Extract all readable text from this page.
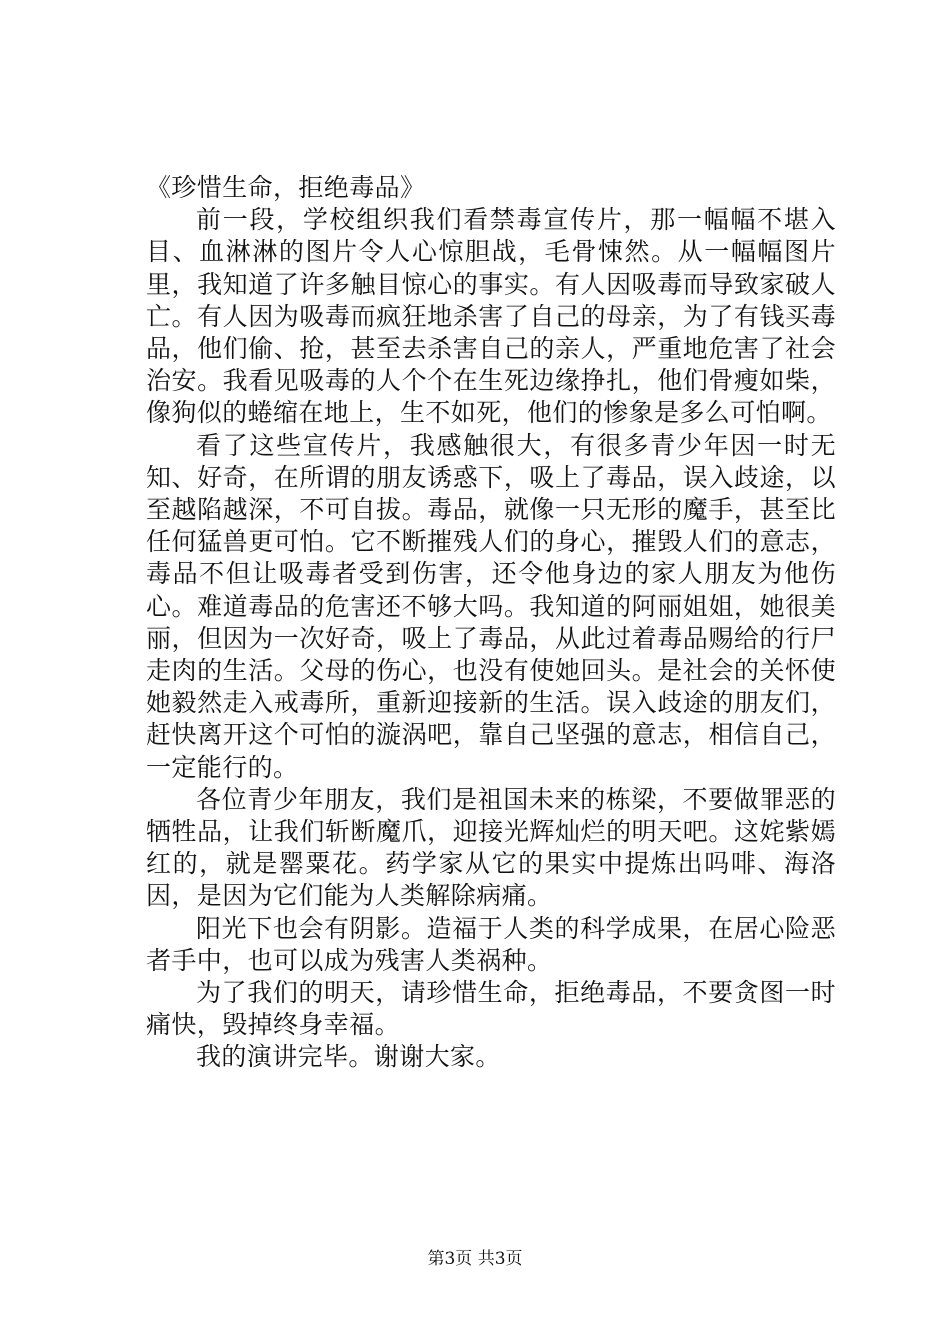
《珍惜生命，拒绝毒品》

前一段，学校组织我们看禁毒宣传片，那一幅幅不堪入目、血淋淋的图片令人心惊胆战，毛骨悚然。从一幅幅图片里，我知道了许多触目惊心的事实。有人因吸毒而导致家破人亡。有人因为吸毒而疯狂地杀害了自己的母亲，为了有钱买毒品，他们偷、抢，甚至去杀害自己的亲人，严重地危害了社会治安。我看见吸毒的人个个在生死边缘挣扎，他们骨瘦如柴，像狗似的蜷缩在地上，生不如死，他们的惨象是多么可怕啊。

看了这些宣传片，我感触很大，有很多青少年因一时无知、好奇，在所谓的朋友诱惑下，吸上了毒品，误入歧途，以至越陷越深，不可自拔。毒品，就像一只无形的魔手，甚至比任何猛兽更可怕。它不断摧残人们的身心，摧毁人们的意志，毒品不但让吸毒者受到伤害，还令他身边的家人朋友为他伤心。难道毒品的危害还不够大吗。我知道的阿丽姐姐，她很美丽，但因为一次好奇，吸上了毒品，从此过着毒品赐给的行尸走肉的生活。父母的伤心，也没有使她回头。是社会的关怀使她毅然走入戒毒所，重新迎接新的生活。误入歧途的朋友们，赶快离开这个可怕的漩涡吧，靠自己坚强的意志，相信自己，一定能行的。

各位青少年朋友，我们是祖国未来的栋梁，不要做罪恶的牺牲品，让我们斩断魔爪，迎接光辉灿烂的明天吧。这姹紫嫣红的，就是罂粟花。药学家从它的果实中提炼出吗啡、海洛因，是因为它们能为人类解除病痛。

阳光下也会有阴影。造福于人类的科学成果，在居心险恶者手中，也可以成为残害人类祸种。

为了我们的明天，请珍惜生命，拒绝毒品，不要贪图一时痛快，毁掉终身幸福。

我的演讲完毕。谢谢大家。

第3页 共3页
